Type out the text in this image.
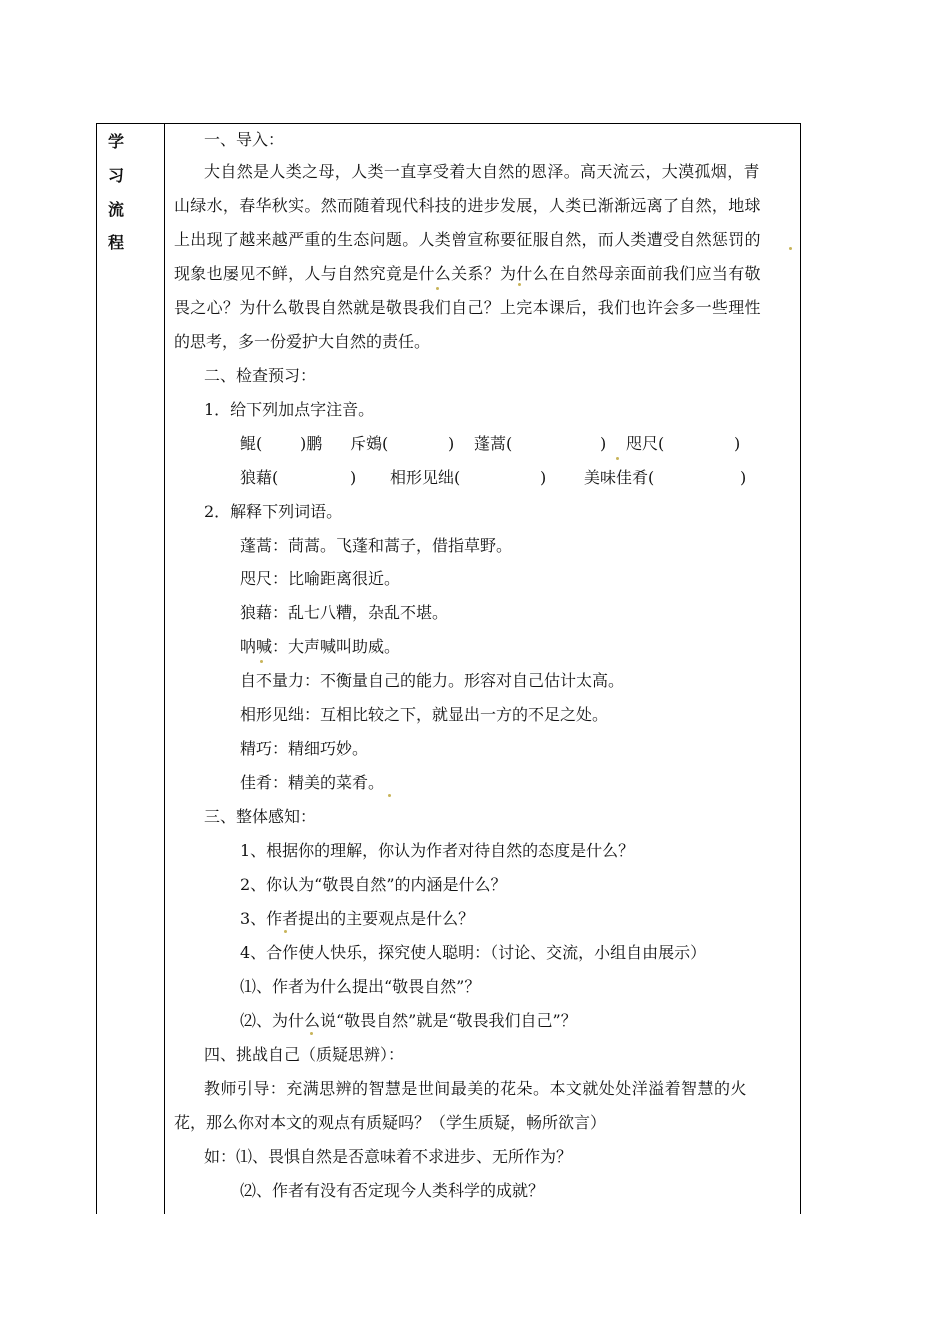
学
习
流
程
一、导入：
大自然是人类之母，人类一直享受着大自然的恩泽。高天流云，大漠孤烟，青
山绿水，春华秋实。然而随着现代科技的进步发展，人类已渐渐远离了自然，地球
上出现了越来越严重的生态问题。人类曾宣称要征服自然，而人类遭受自然惩罚的
现象也屡见不鲜，人与自然究竟是什么关系？为什么在自然母亲面前我们应当有敬
畏之心？为什么敬畏自然就是敬畏我们自己？上完本课后，我们也许会多一些理性
的思考，多一份爱护大自然的责任。
二、检查预习：
1．给下列加点字注音。
鲲( )鹏 斥鴳(	) 蓬蒿(	) 咫尺(	)
狼藉(	) 相形见绌(	) 美味佳肴(	)
2．解释下列词语。
蓬蒿：茼蒿。飞蓬和蒿子，借指草野。
咫尺：比喻距离很近。
狼藉：乱七八糟，杂乱不堪。
呐喊：大声喊叫助威。
自不量力：不衡量自己的能力。形容对自己估计太高。
相形见绌：互相比较之下，就显出一方的不足之处。
精巧：精细巧妙。
佳肴：精美的菜肴。
三、整体感知：
1、根据你的理解，你认为作者对待自然的态度是什么？
2、你认为“敬畏自然”的内涵是什么？
3、作者提出的主要观点是什么？
4、合作使人快乐，探究使人聪明：（讨论、交流，小组自由展示）
⑴、作者为什么提出“敬畏自然”？
⑵、为什么说“敬畏自然”就是“敬畏我们自己”？
四、挑战自己（质疑思辨）：
教师引导：充满思辨的智慧是世间最美的花朵。本文就处处洋溢着智慧的火
花，那么你对本文的观点有质疑吗？（学生质疑，畅所欲言）
如：⑴、畏惧自然是否意味着不求进步、无所作为？
⑵、作者有没有否定现今人类科学的成就？
